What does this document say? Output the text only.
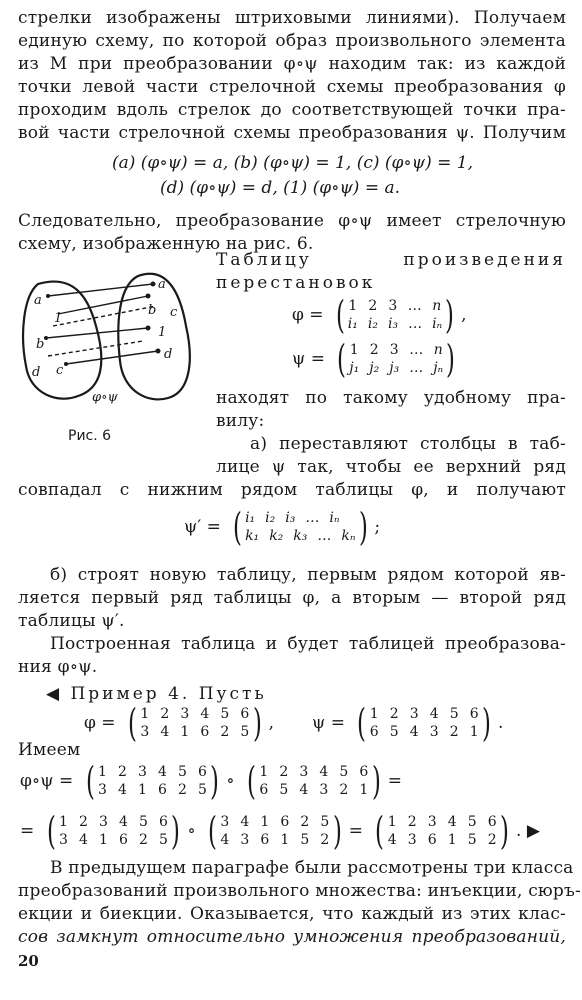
стрелки изображены штриховыми линиями). Получаем
единую схему, по которой образ произвольного элемента
из M при преобразовании φ∘ψ находим так: из каждой
точки левой части стрелочной схемы преобразования φ
проходим вдоль стрелок до соответствующей точки пра-
вой части стрелочной схемы преобразования ψ. Получим
(a) (φ∘ψ) = a, (b) (φ∘ψ) = 1, (c) (φ∘ψ) = 1,
(d) (φ∘ψ) = d, (1) (φ∘ψ) = a.
Следовательно, преобразование φ∘ψ имеет стрелочную
схему, изображенную на рис. 6.
a
1
b
d c
a
b c
d
1
φ∘ψ
Рис. 6
Таблицу произведения
перестановок
φ = ( 1 2 3 … n
i₁ i₂ i₃ … iₙ ) ,
ψ = ( 1 2 3 … n
j₁ j₂ j₃ … jₙ )
находят по такому удобному пра-
вилу:
а) переставляют столбцы в таб-
лице ψ так, чтобы ее верхний ряд
совпадал с нижним рядом таблицы φ, и получают
ψ′ = ( i₁ i₂ i₃ … iₙ
k₁ k₂ k₃ … kₙ ) ;
б) строят новую таблицу, первым рядом которой яв-
ляется первый ряд таблицы φ, а вторым — второй ряд
таблицы ψ′.
Построенная таблица и будет таблицей преобразова-
ния φ∘ψ.
◀ Пример 4. Пусть
φ = ( 1 2 3 4 5 6
3 4 1 6 2 5 ) , ψ = ( 1 2 3 4 5 6
6 5 4 3 2 1 ) .
Имеем
φ∘ψ = ( 1 2 3 4 5 6
3 4 1 6 2 5 ) ∘ ( 1 2 3 4 5 6
6 5 4 3 2 1 ) =
= ( 1 2 3 4 5 6
3 4 1 6 2 5 ) ∘ ( 3 4 1 6 2 5
4 3 6 1 5 2 ) = ( 1 2 3 4 5 6
4 3 6 1 5 2 ) . ▶
В предыдущем параграфе были рассмотрены три класса
преобразований произвольного множества: инъекции, сюръ-
екции и биекции. Оказывается, что каждый из этих клас-
сов замкнут относительно умножения преобразований,
20
